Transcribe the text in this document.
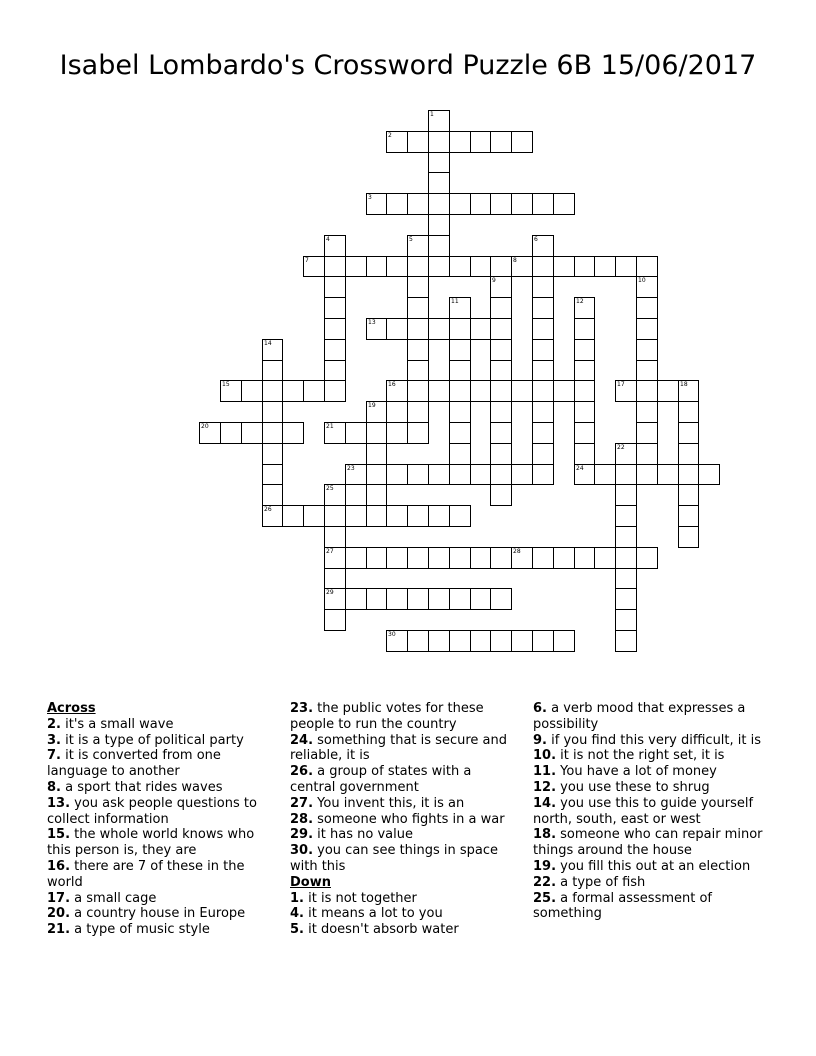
Isabel Lombardo's Crossword Puzzle 6B 15/06/2017
1
2
3
4	5	6
7	8
9	10
11	12
24
13
14
15	16	17	18
19
20	21
22
23
25
27
29
26
28
30
Across
2. it's a small wave
3. it is a type of political party
7. it is converted from one language to another
8. a sport that rides waves
13. you ask people questions to collect information
15. the whole world knows who this person is, they are
16. there are 7 of these in the world
17. a small cage
20. a country house in Europe
21. a type of music style
23. the public votes for these people to run the country
24. something that is secure and reliable, it is
26. a group of states with a central government
27. You invent this, it is an
28. someone who fights in a war
29. it has no value
30. you can see things in space with this
Down
1. it is not together
4. it means a lot to you
5. it doesn't absorb water
6. a verb mood that expresses a possibility
9. if you find this very difficult, it is
10. it is not the right set, it is
11. You have a lot of money
12. you use these to shrug
14. you use this to guide yourself north, south, east or west
18. someone who can repair minor things around the house
19. you fill this out at an election
22. a type of fish
25. a formal assessment of something
